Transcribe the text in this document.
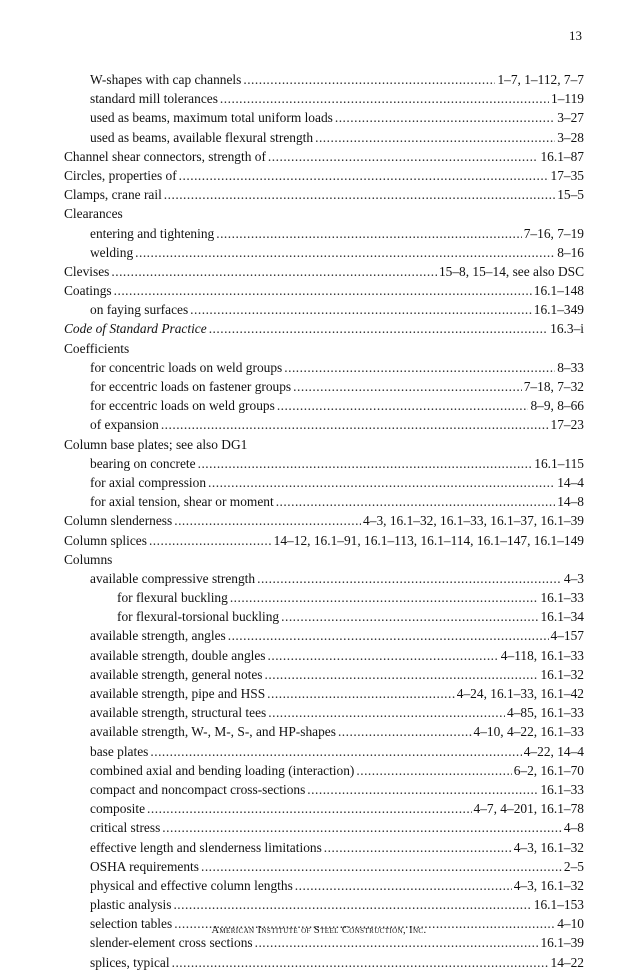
13
W-shapes with cap channels .....	1–7, 1–112, 7–7
standard mill tolerances .....	1–119
used as beams, maximum total uniform loads .....	3–27
used as beams, available flexural strength .....	3–28
Channel shear connectors, strength of .....	16.1–87
Circles, properties of .....	17–35
Clamps, crane rail .....	15–5
Clearances
entering and tightening .....	7–16, 7–19
welding .....	8–16
Clevises .....	15–8, 15–14, see also DSC
Coatings .....	16.1–148
on faying surfaces .....	16.1–349
Code of Standard Practice .....	16.3–i
Coefficients
for concentric loads on weld groups .....	8–33
for eccentric loads on fastener groups .....	7–18, 7–32
for eccentric loads on weld groups .....	8–9, 8–66
of expansion .....	17–23
Column base plates; see also DG1
bearing on concrete .....	16.1–115
for axial compression .....	14–4
for axial tension, shear or moment .....	14–8
Column slenderness .....	4–3, 16.1–32, 16.1–33, 16.1–37, 16.1–39
Column splices .....	14–12, 16.1–91, 16.1–113, 16.1–114, 16.1–147, 16.1–149
Columns
available compressive strength .....	4–3
for flexural buckling .....	16.1–33
for flexural-torsional buckling .....	16.1–34
available strength, angles .....	4–157
available strength, double angles .....	4–118, 16.1–33
available strength, general notes .....	16.1–32
available strength, pipe and HSS .....	4–24, 16.1–33, 16.1–42
available strength, structural tees .....	4–85, 16.1–33
available strength, W-, M-, S-, and HP-shapes .....	4–10, 4–22, 16.1–33
base plates .....	4–22, 14–4
combined axial and bending loading (interaction) .....	6–2, 16.1–70
compact and noncompact cross-sections .....	16.1–33
composite .....	4–7, 4–201, 16.1–78
critical stress .....	4–8
effective length and slenderness limitations .....	4–3, 16.1–32
OSHA requirements .....	2–5
physical and effective column lengths .....	4–3, 16.1–32
plastic analysis .....	16.1–153
selection tables .....	4–10
slender-element cross sections .....	16.1–39
splices, typical .....	14–22
American Institute of Steel Construction, Inc.
